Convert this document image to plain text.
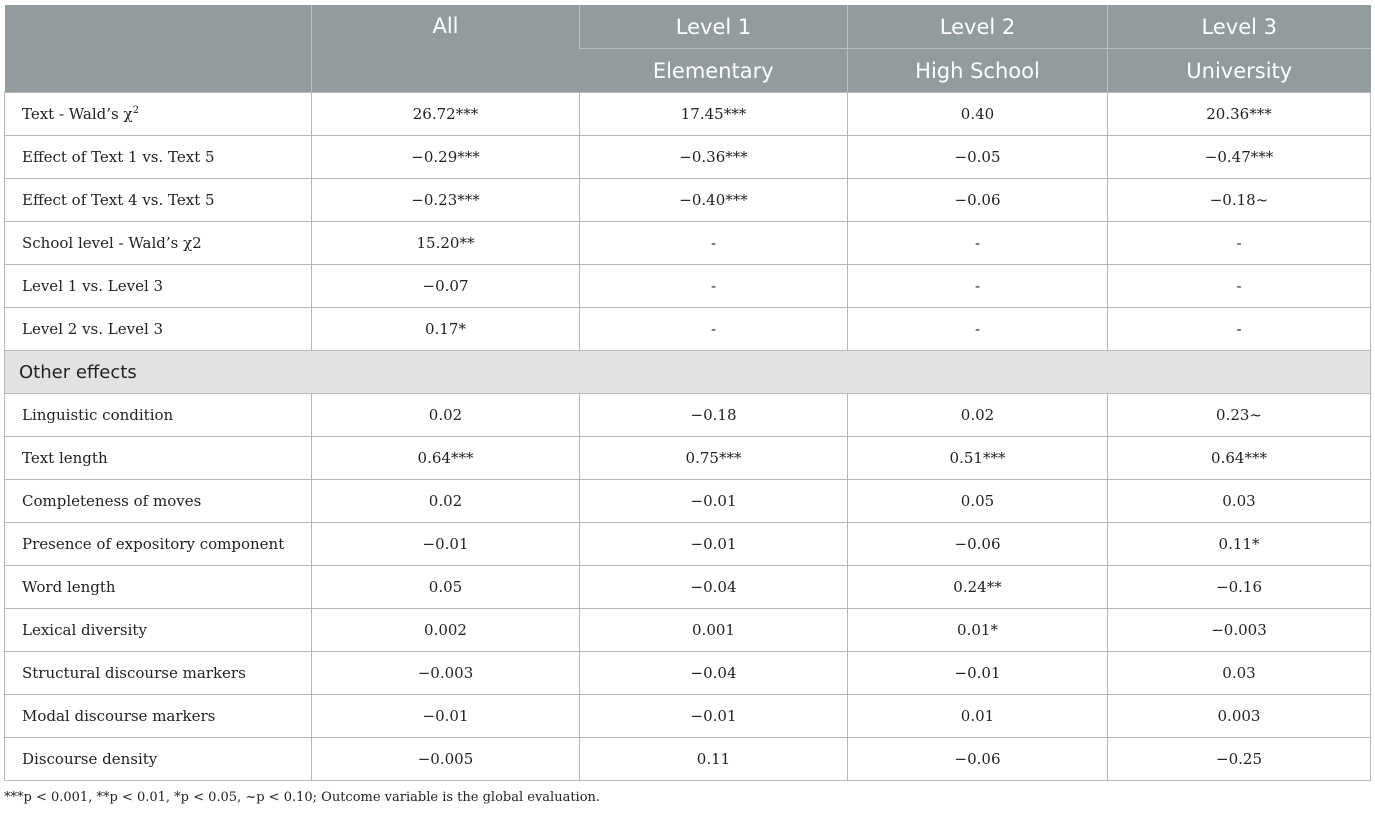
	All	Level 1	Level 2	Level 3
		Elementary	High School	University
Text - Wald’s $\chi^2$	26.72***	17.45***	0.40	20.36***
Effect of Text 1 vs. Text 5	−0.29***	−0.36***	−0.05	−0.47***
Effect of Text 4 vs. Text 5	−0.23***	−0.40***	−0.06	−0.18~
School level - Wald’s χ2	15.20**	-	-	-
Level 1 vs. Level 3	−0.07	-	-	-
Level 2 vs. Level 3	0.17*	-	-	-
Other effects				
Linguistic condition	0.02	−0.18	0.02	0.23~
Text length	0.64***	0.75***	0.51***	0.64***
Completeness of moves	0.02	−0.01	0.05	0.03
Presence of expository component	−0.01	−0.01	−0.06	0.11*
Word length	0.05	−0.04	0.24**	−0.16
Lexical diversity	0.002	0.001	0.01*	−0.003
Structural discourse markers	−0.003	−0.04	−0.01	0.03
Modal discourse markers	−0.01	−0.01	0.01	0.003
Discourse density	−0.005	0.11	−0.06	−0.25
***p < 0.001, **p < 0.01, *p < 0.05, ~p < 0.10; Outcome variable is the global evaluation.
